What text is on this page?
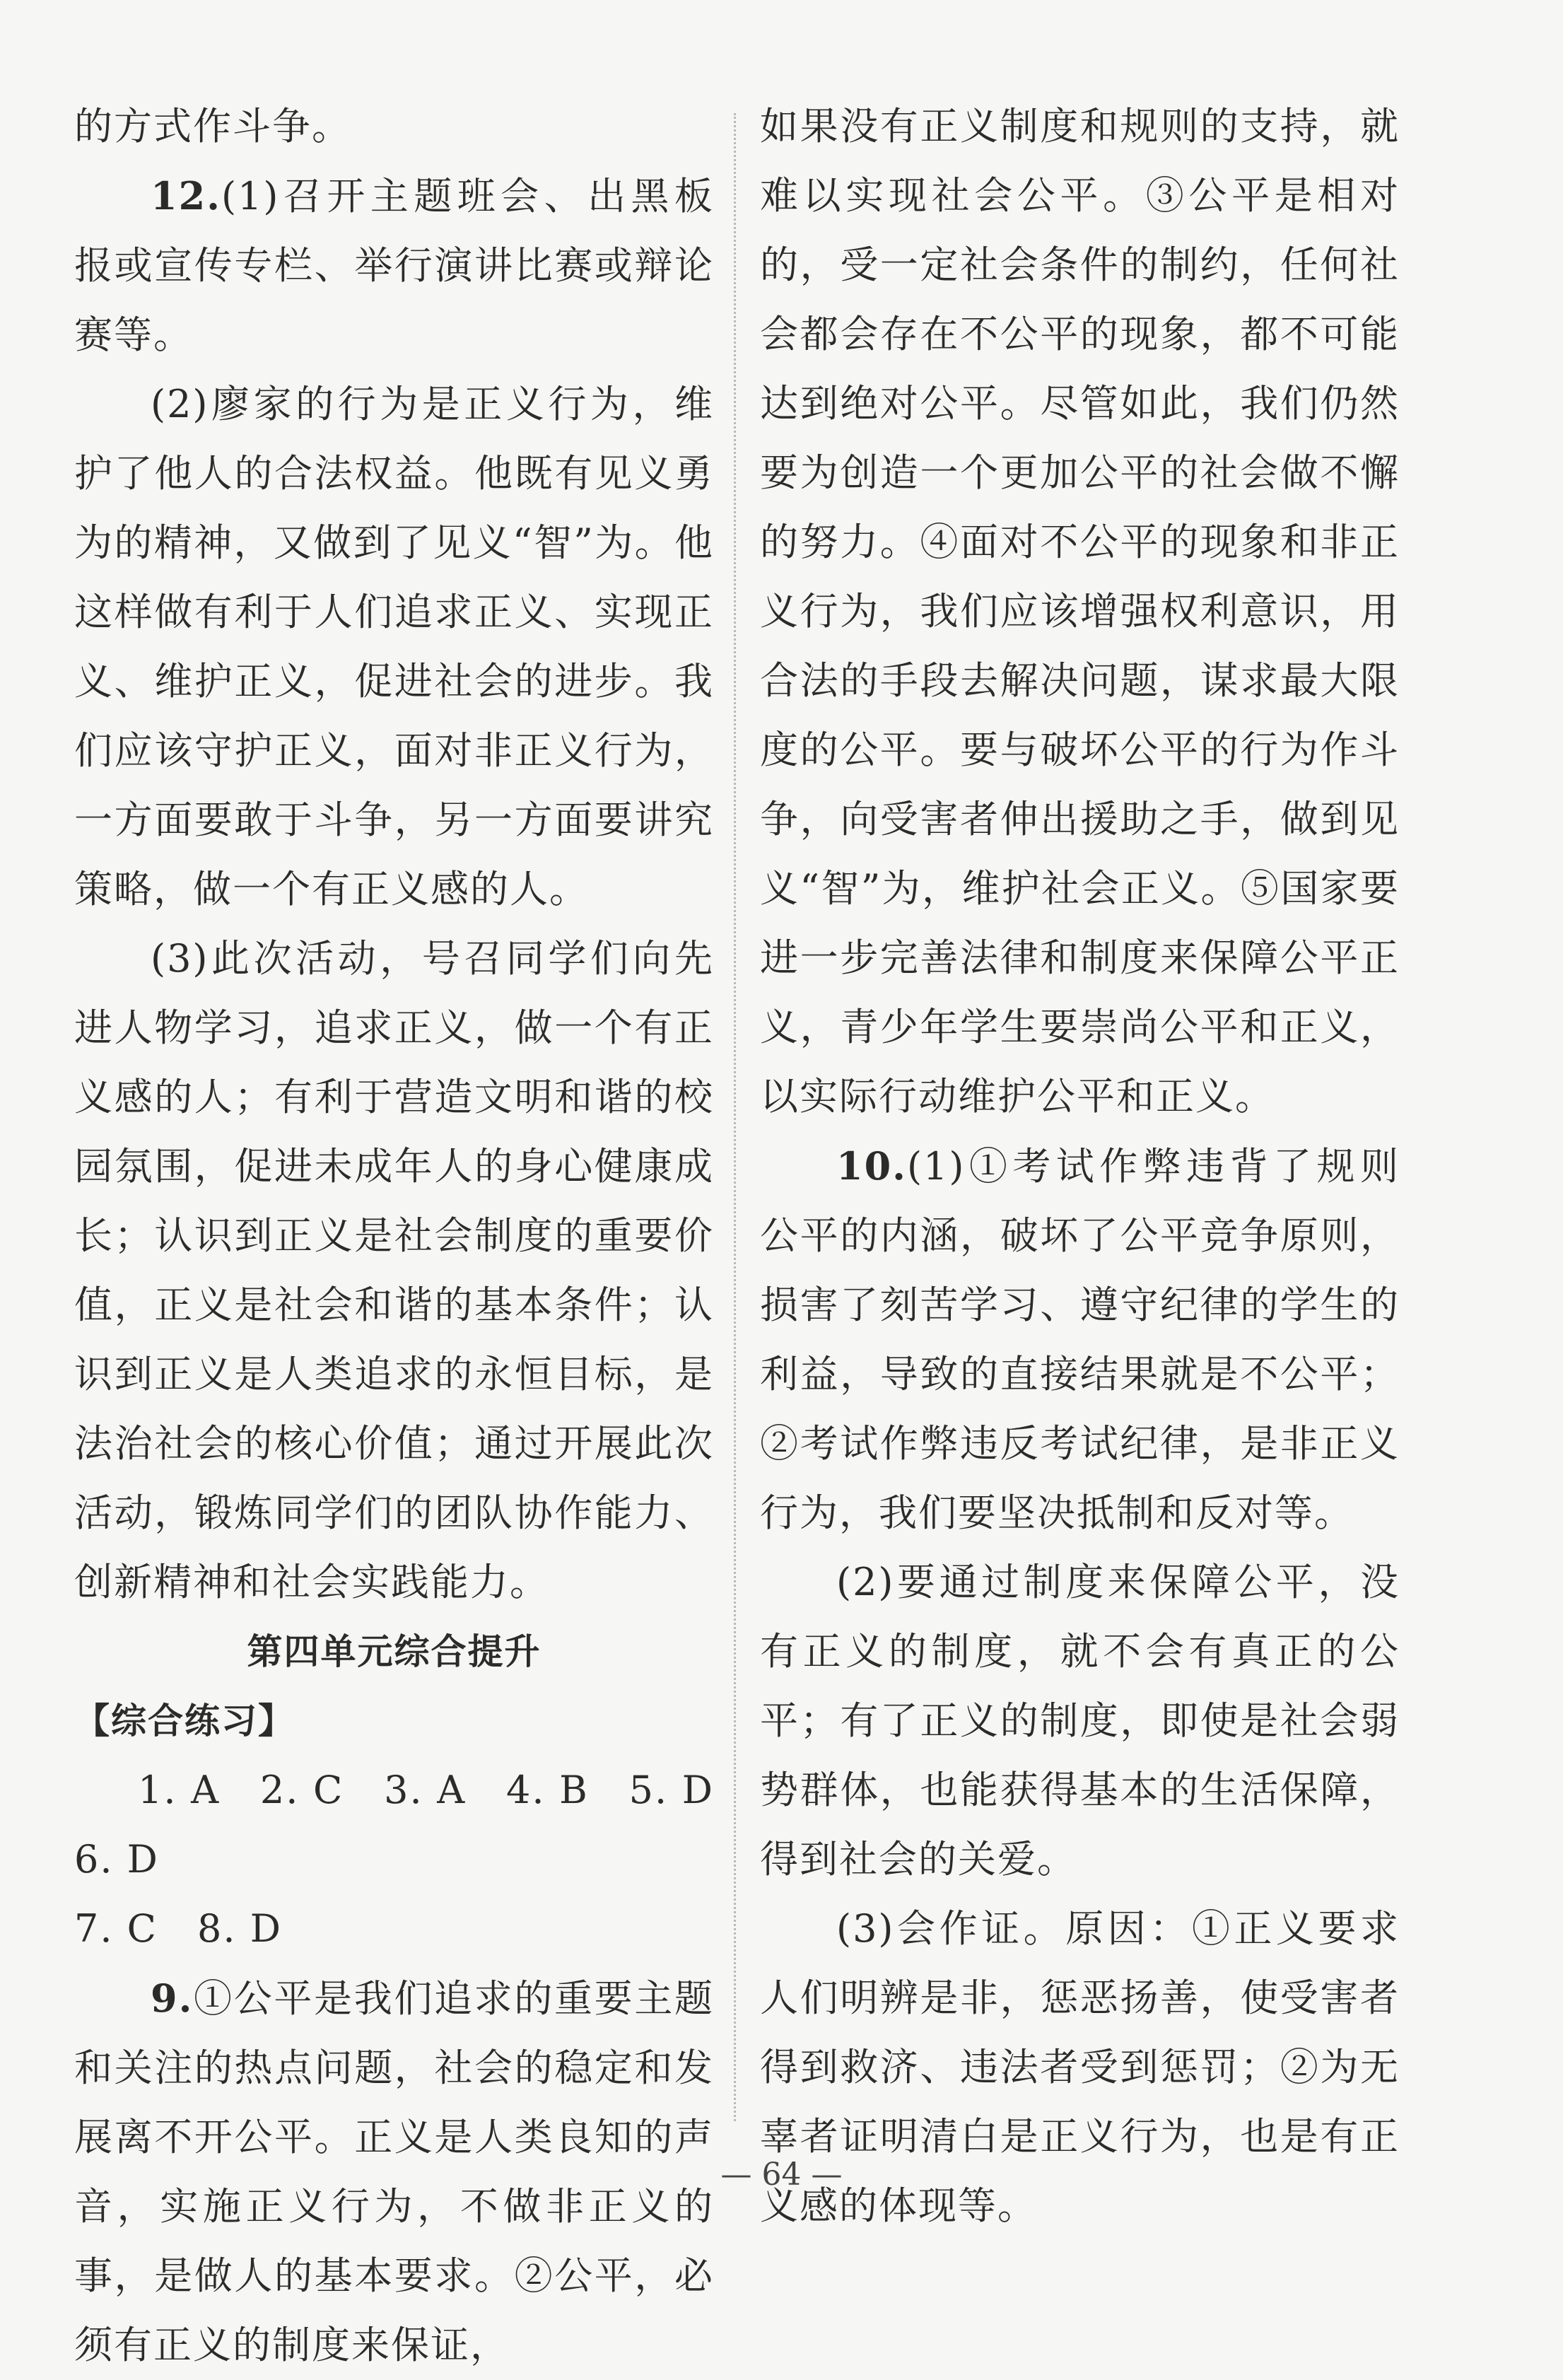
的方式作斗争。

12.(1)召开主题班会、出黑板报或宣传专栏、举行演讲比赛或辩论赛等。

(2)廖家的行为是正义行为，维护了他人的合法权益。他既有见义勇为的精神，又做到了见义“智”为。他这样做有利于人们追求正义、实现正义、维护正义，促进社会的进步。我们应该守护正义，面对非正义行为，一方面要敢于斗争，另一方面要讲究策略，做一个有正义感的人。

(3)此次活动，号召同学们向先进人物学习，追求正义，做一个有正义感的人；有利于营造文明和谐的校园氛围，促进未成年人的身心健康成长；认识到正义是社会制度的重要价值，正义是社会和谐的基本条件；认识到正义是人类追求的永恒目标，是法治社会的核心价值；通过开展此次活动，锻炼同学们的团队协作能力、创新精神和社会实践能力。

第四单元综合提升

【综合练习】

1. A　2. C　3. A　4. B　5. D　6. D

7. C　8. D

9.①公平是我们追求的重要主题和关注的热点问题，社会的稳定和发展离不开公平。正义是人类良知的声音，实施正义行为，不做非正义的事，是做人的基本要求。②公平，必须有正义的制度来保证，

如果没有正义制度和规则的支持，就难以实现社会公平。③公平是相对的，受一定社会条件的制约，任何社会都会存在不公平的现象，都不可能达到绝对公平。尽管如此，我们仍然要为创造一个更加公平的社会做不懈的努力。④面对不公平的现象和非正义行为，我们应该增强权利意识，用合法的手段去解决问题，谋求最大限度的公平。要与破坏公平的行为作斗争，向受害者伸出援助之手，做到见义“智”为，维护社会正义。⑤国家要进一步完善法律和制度来保障公平正义，青少年学生要崇尚公平和正义，以实际行动维护公平和正义。

10.(1)①考试作弊违背了规则公平的内涵，破坏了公平竞争原则，损害了刻苦学习、遵守纪律的学生的利益，导致的直接结果就是不公平；②考试作弊违反考试纪律，是非正义行为，我们要坚决抵制和反对等。

(2)要通过制度来保障公平，没有正义的制度，就不会有真正的公平；有了正义的制度，即使是社会弱势群体，也能获得基本的生活保障，得到社会的关爱。

(3)会作证。原因：①正义要求人们明辨是非，惩恶扬善，使受害者得到救济、违法者受到惩罚；②为无辜者证明清白是正义行为，也是有正义感的体现等。

— 64 —
